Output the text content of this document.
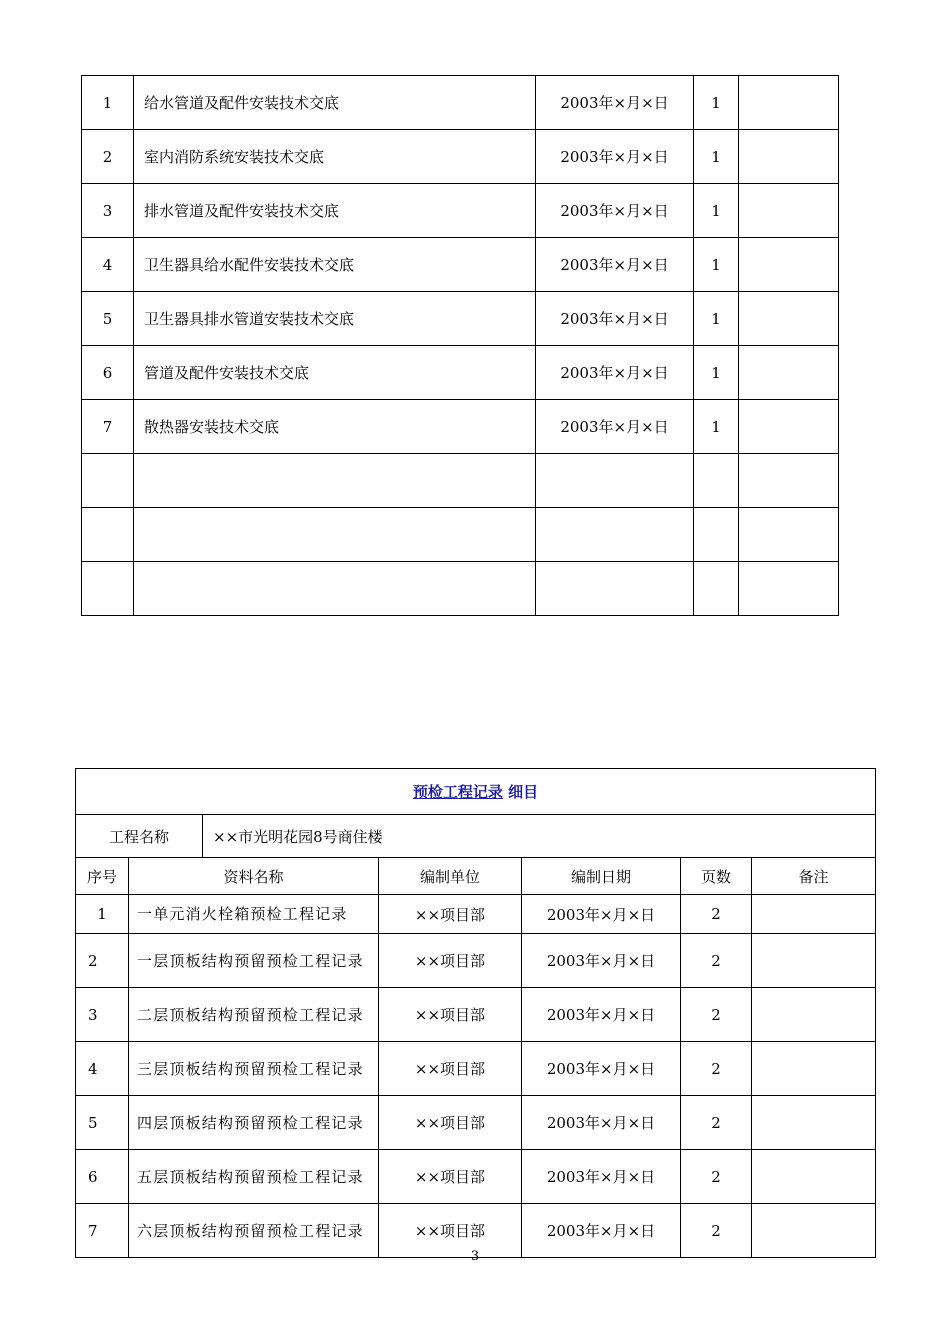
1	给水管道及配件安装技术交底	2003年×月×日	1	
2	室内消防系统安装技术交底	2003年×月×日	1	
3	排水管道及配件安装技术交底	2003年×月×日	1	
4	卫生器具给水配件安装技术交底	2003年×月×日	1	
5	卫生器具排水管道安装技术交底	2003年×月×日	1	
6	管道及配件安装技术交底	2003年×月×日	1	
7	散热器安装技术交底	2003年×月×日	1	

预检工程记录 细目						
工程名称		××市光明花园8号商住楼				
序号	资料名称		编制单位	编制日期	页数	备注
1	一单元消火栓箱预检工程记录		××项目部	2003年×月×日	2	
2	一层顶板结构预留预检工程记录		××项目部	2003年×月×日	2	
3	二层顶板结构预留预检工程记录		××项目部	2003年×月×日	2	
4	三层顶板结构预留预检工程记录		××项目部	2003年×月×日	2	
5	四层顶板结构预留预检工程记录		××项目部	2003年×月×日	2	
6	五层顶板结构预留预检工程记录		××项目部	2003年×月×日	2	
7	六层顶板结构预留预检工程记录		××项目部	2003年×月×日	2	
3
